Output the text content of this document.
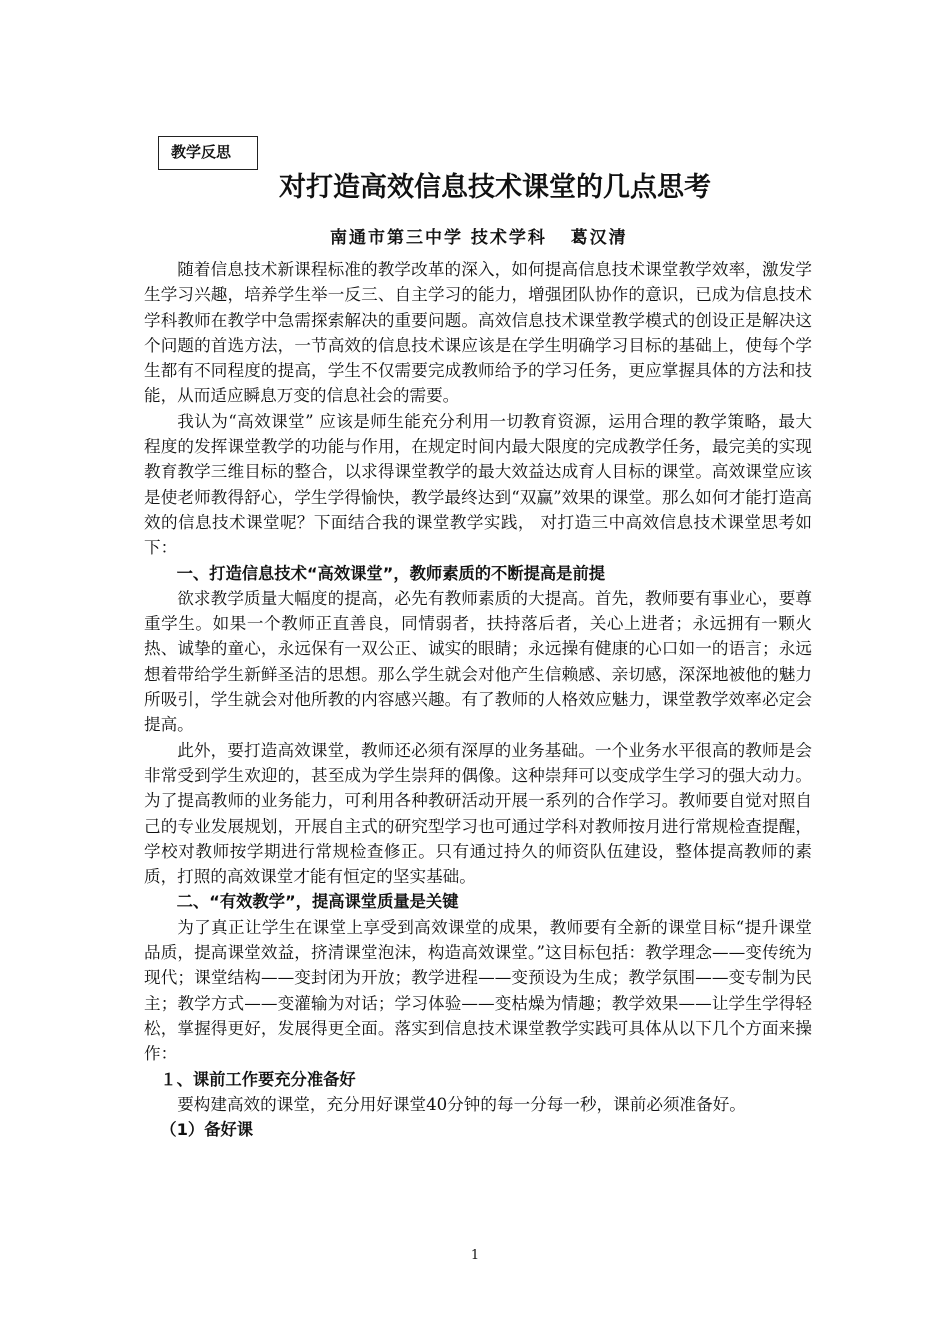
教学反思
对打造高效信息技术课堂的几点思考
南通市第三中学 技术学科   葛汉清

随着信息技术新课程标准的教学改革的深入，如何提高信息技术课堂教学效率，激发学生学习兴趣，培养学生举一反三、自主学习的能力，增强团队协作的意识，已成为信息技术学科教师在教学中急需探索解决的重要问题。高效信息技术课堂教学模式的创设正是解决这个问题的首选方法，一节高效的信息技术课应该是在学生明确学习目标的基础上，使每个学生都有不同程度的提高，学生不仅需要完成教师给予的学习任务，更应掌握具体的方法和技能，从而适应瞬息万变的信息社会的需要。

我认为“高效课堂” 应该是师生能充分利用一切教育资源，运用合理的教学策略，最大程度的发挥课堂教学的功能与作用，在规定时间内最大限度的完成教学任务，最完美的实现教育教学三维目标的整合，以求得课堂教学的最大效益达成育人目标的课堂。高效课堂应该是使老师教得舒心，学生学得愉快，教学最终达到“双赢”效果的课堂。那么如何才能打造高效的信息技术课堂呢？下面结合我的课堂教学实践， 对打造三中高效信息技术课堂思考如下：

一、打造信息技术“高效课堂”，教师素质的不断提高是前提

欲求教学质量大幅度的提高，必先有教师素质的大提高。首先，教师要有事业心，要尊重学生。如果一个教师正直善良，同情弱者，扶持落后者，关心上进者；永远拥有一颗火热、诚挚的童心，永远保有一双公正、诚实的眼睛；永远操有健康的心口如一的语言；永远想着带给学生新鲜圣洁的思想。那么学生就会对他产生信赖感、亲切感，深深地被他的魅力所吸引，学生就会对他所教的内容感兴趣。有了教师的人格效应魅力，课堂教学效率必定会提高。

此外，要打造高效课堂，教师还必须有深厚的业务基础。一个业务水平很高的教师是会非常受到学生欢迎的，甚至成为学生崇拜的偶像。这种崇拜可以变成学生学习的强大动力。为了提高教师的业务能力，可利用各种教研活动开展一系列的合作学习。教师要自觉对照自己的专业发展规划，开展自主式的研究型学习也可通过学科对教师按月进行常规检查提醒，学校对教师按学期进行常规检查修正。只有通过持久的师资队伍建设，整体提高教师的素质，打照的高效课堂才能有恒定的坚实基础。

二、“有效教学”，提高课堂质量是关键

为了真正让学生在课堂上享受到高效课堂的成果，教师要有全新的课堂目标“提升课堂品质，提高课堂效益，挤清课堂泡沫，构造高效课堂。”这目标包括：教学理念——变传统为现代；课堂结构——变封闭为开放；教学进程——变预设为生成；教学氛围——变专制为民主；教学方式——变灌输为对话；学习体验——变枯燥为情趣；教学效果——让学生学得轻松，掌握得更好，发展得更全面。落实到信息技术课堂教学实践可具体从以下几个方面来操作：

１、课前工作要充分准备好

要构建高效的课堂，充分用好课堂40分钟的每一分每一秒，课前必须准备好。

（1）备好课

1
